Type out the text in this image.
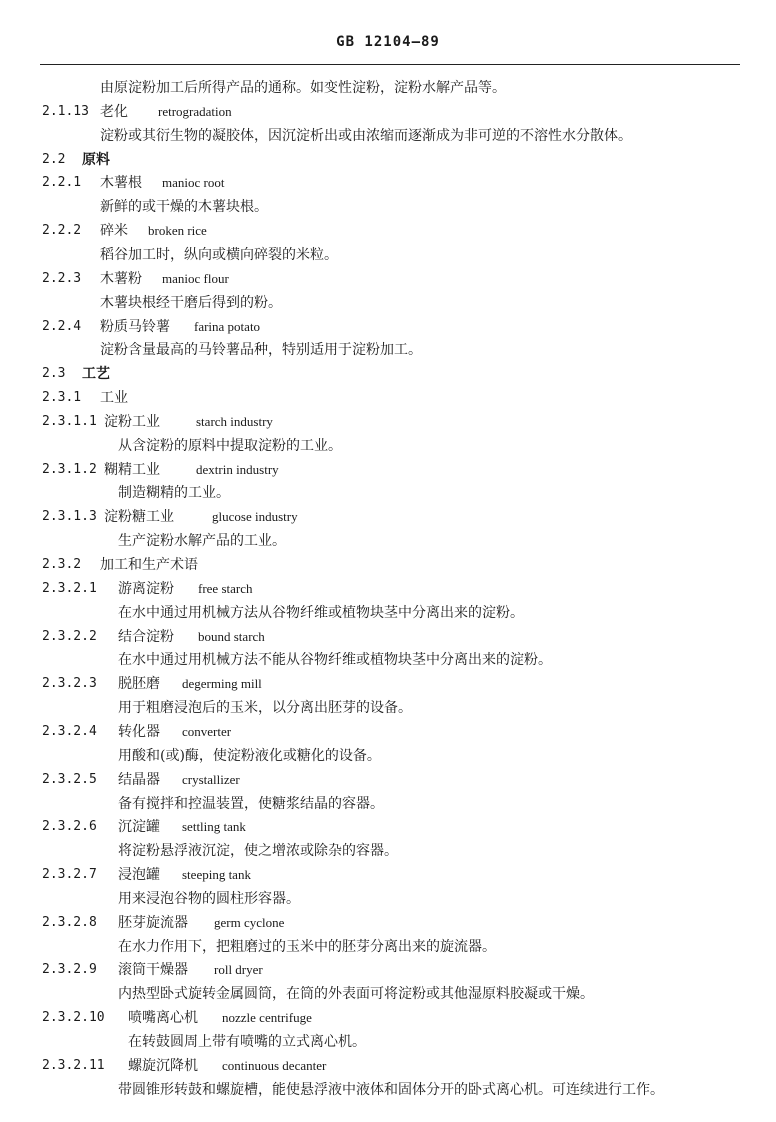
GB 12104—89
由原淀粉加工后所得产品的通称。如变性淀粉，淀粉水解产品等。
2.1.13 老化 retrogradation
淀粉或其衍生物的凝胶体，因沉淀析出或由浓缩而逐渐成为非可逆的不溶性水分散体。
2.2 原料
2.2.1 木薯根 manioc root
新鲜的或干燥的木薯块根。
2.2.2 碎米 broken rice
稻谷加工时，纵向或横向碎裂的米粒。
2.2.3 木薯粉 manioc flour
木薯块根经干磨后得到的粉。
2.2.4 粉质马铃薯 farina potato
淀粉含量最高的马铃薯品种，特别适用于淀粉加工。
2.3 工艺
2.3.1 工业
2.3.1.1 淀粉工业	starch industry
从含淀粉的原料中提取淀粉的工业。
2.3.1.2 糊精工业	dextrin industry
制造糊精的工业。
2.3.1.3 淀粉糖工业	glucose industry
生产淀粉水解产品的工业。
2.3.2 加工和生产术语
2.3.2.1 游离淀粉 free starch
在水中通过用机械方法从谷物纤维或植物块茎中分离出来的淀粉。
2.3.2.2 结合淀粉 bound starch
在水中通过用机械方法不能从谷物纤维或植物块茎中分离出来的淀粉。
2.3.2.3 脱胚磨 degerming mill
用于粗磨浸泡后的玉米，以分离出胚芽的设备。
2.3.2.4 转化器 converter
用酸和(或)酶，使淀粉液化或糖化的设备。
2.3.2.5 结晶器 crystallizer
备有搅拌和控温装置，使糖浆结晶的容器。
2.3.2.6 沉淀罐 settling tank
将淀粉悬浮液沉淀，使之增浓或除杂的容器。
2.3.2.7 浸泡罐 steeping tank
用来浸泡谷物的圆柱形容器。
2.3.2.8 胚芽旋流器 germ cyclone
在水力作用下，把粗磨过的玉米中的胚芽分离出来的旋流器。
2.3.2.9 滚筒干燥器 roll dryer
内热型卧式旋转金属圆筒，在筒的外表面可将淀粉或其他湿原料胶凝或干燥。
2.3.2.10 喷嘴离心机 nozzle centrifuge
在转鼓圆周上带有喷嘴的立式离心机。
2.3.2.11 螺旋沉降机 continuous decanter
带圆锥形转鼓和螺旋槽，能使悬浮液中液体和固体分开的卧式离心机。可连续进行工作。
